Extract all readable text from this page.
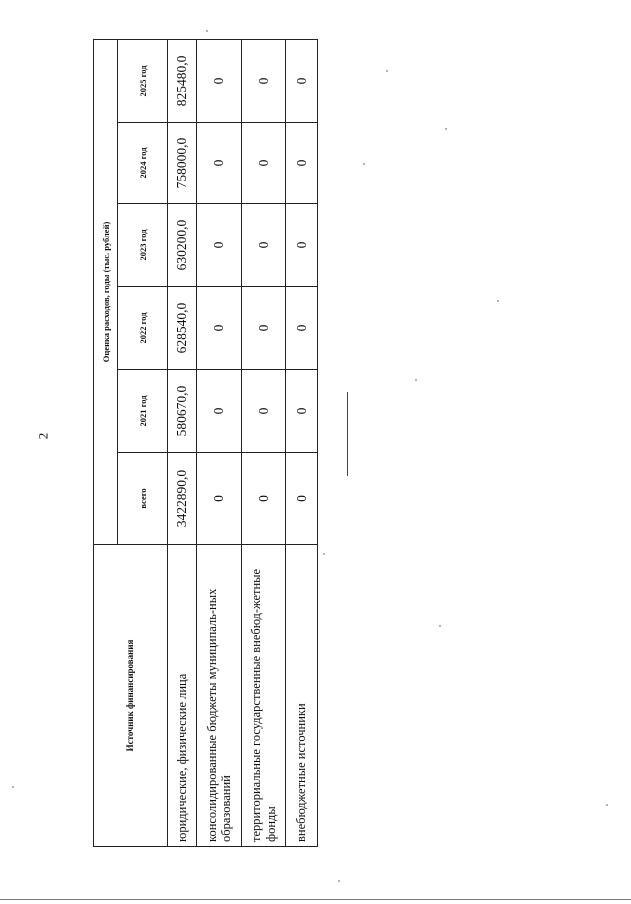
2
Источник финансирования	Оценка расходов, годы (тыс. рублей)					
	всего	2021 год	2022 год	2023 год	2024 год	2025 год
юридические, физические лица	3422890,0	580670,0	628540,0	630200,0	758000,0	825480,0
консолидированные бюджеты муниципаль-ных образований	0	0	0	0	0	0
территориальные государственные внебюд-жетные фонды	0	0	0	0	0	0
внебюджетные источники	0	0	0	0	0	0
